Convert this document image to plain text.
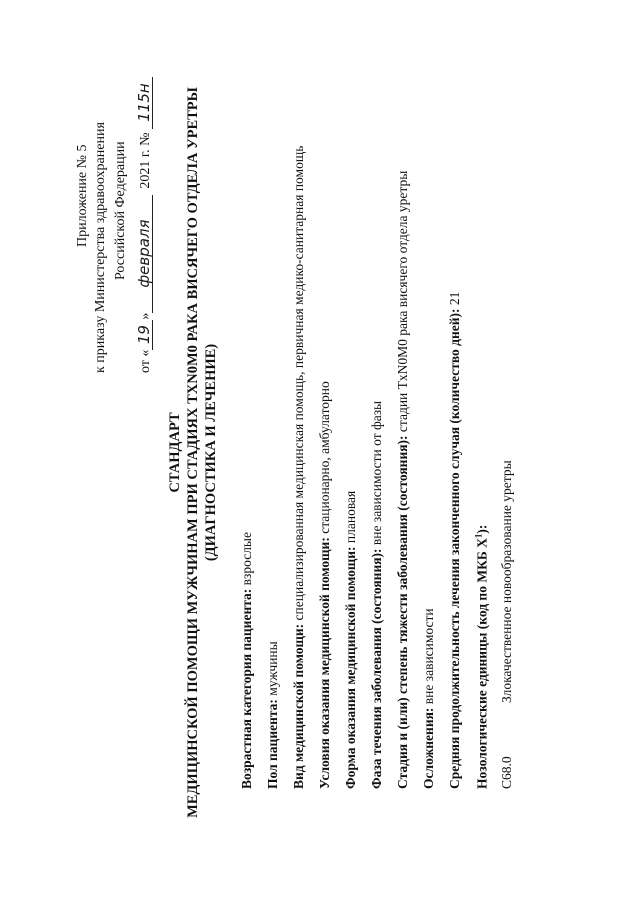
Приложение № 5 к приказу Министерства здравоохранения Российской Федерации
от «19»февраля2021 г. №115н
СТАНДАРТ МЕДИЦИНСКОЙ ПОМОЩИ МУЖЧИНАМ ПРИ СТАДИЯХ TXN0M0 РАКА ВИСЯЧЕГО ОТДЕЛА УРЕТРЫ (ДИАГНОСТИКА И ЛЕЧЕНИЕ)
Возрастная категория пациента: взрослые
Пол пациента: мужчины Вид медицинской помощи: специализированная медицинская помощь, первичная медико-санитарная помощь
Условия оказания медицинской помощи: стационарно, амбулаторно
Форма оказания медицинской помощи: плановая
Фаза течения заболевания (состояния): вне зависимости от фазы Стадия и (или) степень тяжести заболевания (состояния): стадии TxN0M0 рака висячего отдела уретры
Осложнения: вне зависимости Средняя продолжительность лечения законченного случая (количество дней): 21
Нозологические единицы (код по МКБ $X^1$):
C68.0
Злокачественное новообразование уретры
